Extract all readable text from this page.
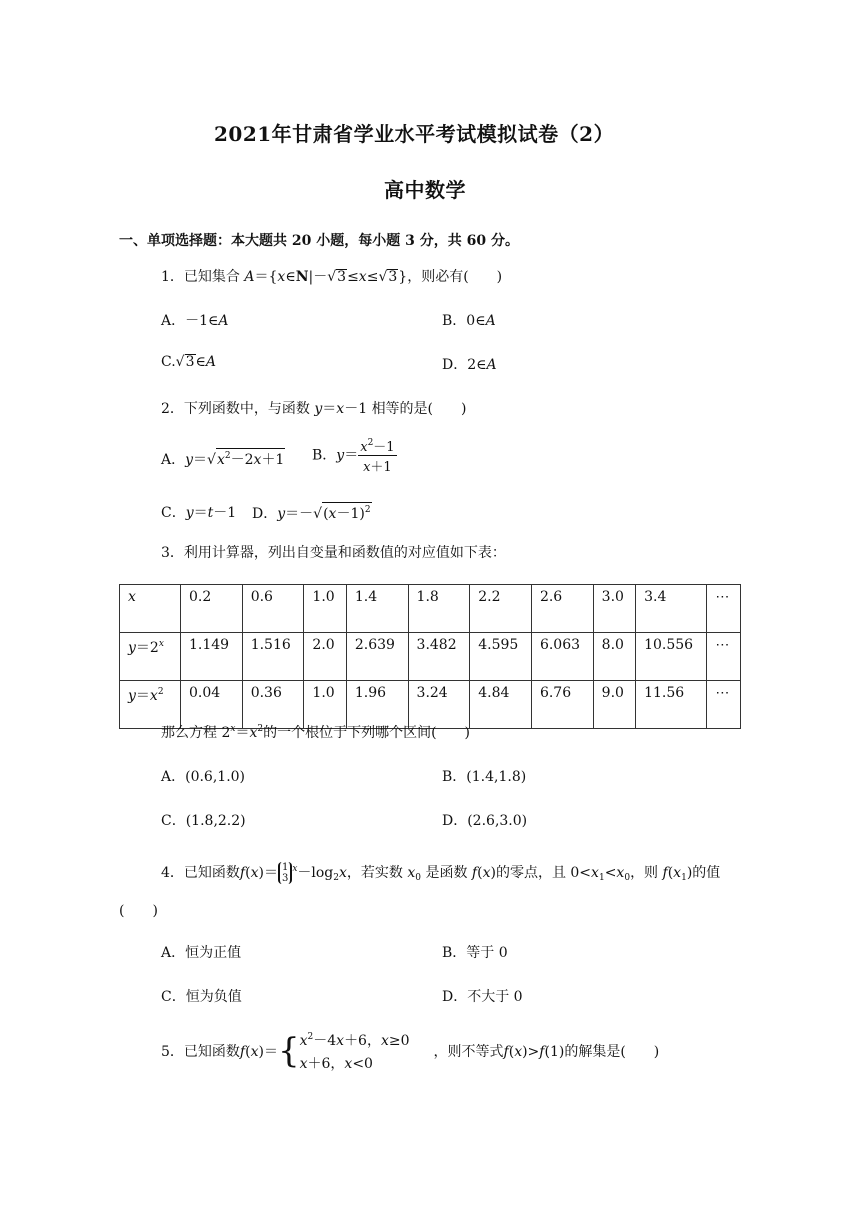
2021年甘肃省学业水平考试模拟试卷（2）
高中数学
一、单项选择题：本大题共 20 小题，每小题 3 分，共 60 分。
1．已知集合 A＝{x∈N|－ √ 3≤x≤ √ 3}，则必有(　　)
A．－1∈A	B．0∈A
C. √ 3∈A	D．2∈A
2．下列函数中，与函数 y＝x－1 相等的是(　　)
A．y＝ √ $x^2-2x+1$ B．$y= \frac{x^2-1}{x+1}$
C．y＝t－1 D．y＝－ √ $(x-1)^2$
3．利用计算器，列出自变量和函数值的对应值如下表：
x	0.2	0.6	1.0	1.4	1.8	2.2	2.6	3.0	3.4	⋯
$y=2^x$	1.149	1.516	2.0	2.639	3.482	4.595	6.063	8.0	10.556	⋯
$y=x^2$	0.04	0.36	1.0	1.96	3.24	4.84	6.76	9.0	11.56	⋯
那么方程 $2^x=x^2$的一个根位于下列哪个区间(　　)
A．(0.6,1.0)	B．(1.4,1.8)
C．(1.8,2.2)	D．(2.6,3.0)
4．已知函数f(x)＝ 1
$3^x-\log_2x$，若实数 $x_0$ 是函数 f(x)的零点，且 $0<x_1<x_0$，则 $f(x_1)$的值
(　　)
A．恒为正值	B．等于 0
C．恒为负值	D．不大于 0
5．已知函数$f(x)=\{x^2-4x+6$，x≥0
x＋6，x<0，则不等式f(x)>f(1)的解集是(　　)
